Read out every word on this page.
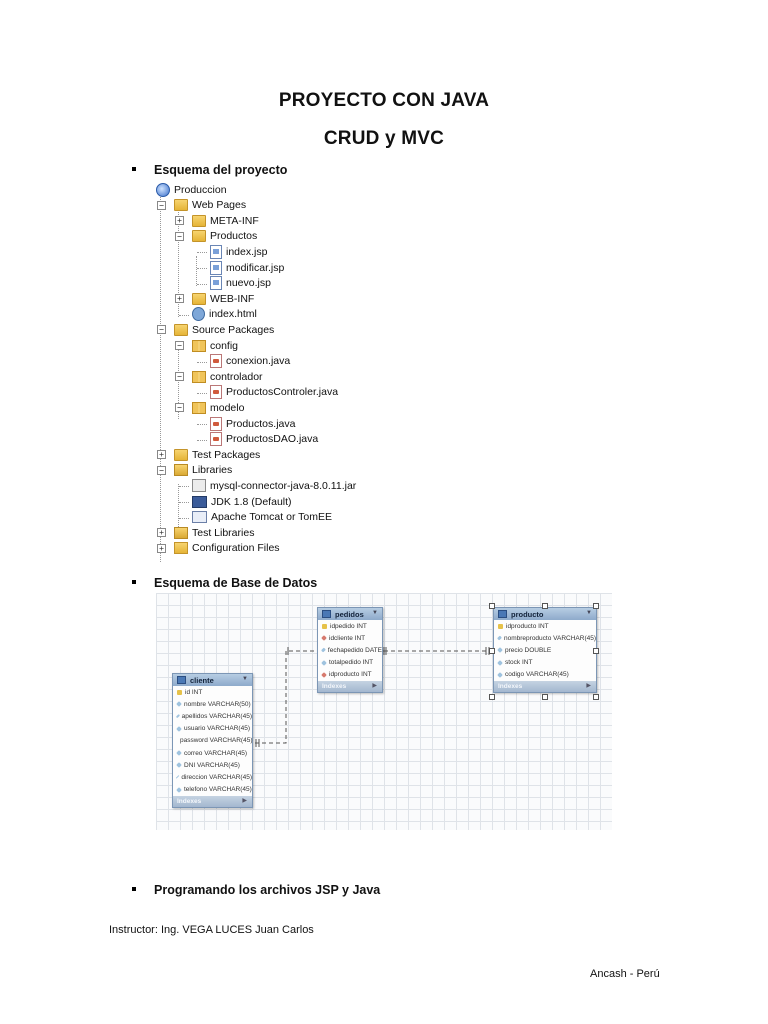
PROYECTO CON JAVA
CRUD y MVC
Esquema del proyecto
Produccion
−	Web Pages
+	META-INF
−	Productos
index.jsp
modificar.jsp
nuevo.jsp
+	WEB-INF
index.html
−	Source Packages
−	config
conexion.java
−	controlador
ProductosControler.java
−	modelo
Productos.java
ProductosDAO.java
+	Test Packages
−	Libraries
mysql-connector-java-8.0.11.jar
JDK 1.8 (Default)
Apache Tomcat or TomEE
+	Test Libraries
+	Configuration Files
Esquema de Base de Datos
pedidos ▼
idpedido INT
idcliente INT
fechapedido DATE
totalpedido INT
idproducto INT
Indexes	▶
producto	▼
idproducto INT
nombreproducto VARCHAR(45)
precio DOUBLE
stock INT
codigo VARCHAR(45)
Indexes	▶
cliente	▼
id INT
nombre VARCHAR(50)
apellidos VARCHAR(45)
usuario VARCHAR(45)
password VARCHAR(45)
correo VARCHAR(45)
DNI VARCHAR(45)
direccion VARCHAR(45)
telefono VARCHAR(45)
Indexes	▶
Programando los archivos JSP y Java
Instructor: Ing. VEGA LUCES Juan Carlos
Ancash - Perú
